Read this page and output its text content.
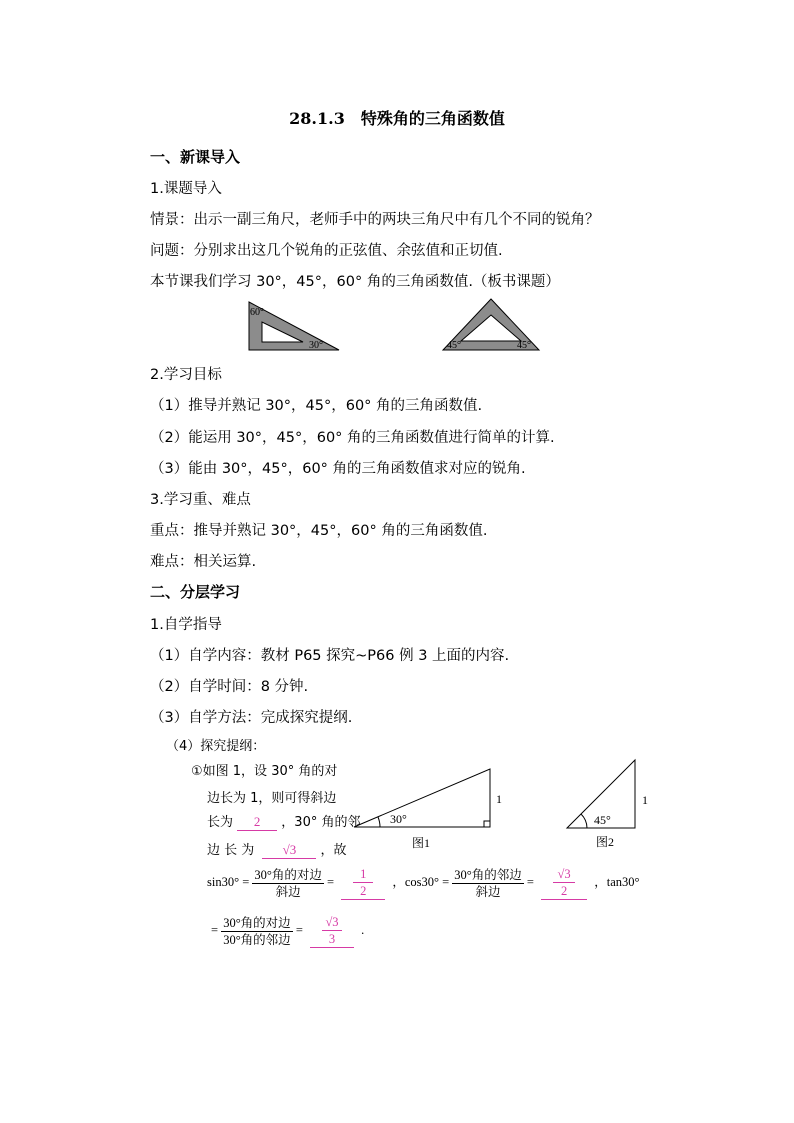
28.1.3　特殊角的三角函数值
一、新课导入
1.课题导入
情景：出示一副三角尺，老师手中的两块三角尺中有几个不同的锐角？
问题：分别求出这几个锐角的正弦值、余弦值和正切值.
本节课我们学习 30°，45°，60° 角的三角函数值.（板书课题）
60°
30°	45°	45°
2.学习目标
（1）推导并熟记 30°，45°，60° 角的三角函数值.
（2）能运用 30°，45°，60° 角的三角函数值进行简单的计算.
（3）能由 30°，45°，60° 角的三角函数值求对应的锐角.
3.学习重、难点
重点：推导并熟记 30°，45°，60° 角的三角函数值.
难点：相关运算.
二、分层学习
1.自学指导
（1）自学内容：教材 P65 探究~P66 例 3 上面的内容.
（2）自学时间：8 分钟.
（3）自学方法：完成探究提纲.
（4）探究提纲：
①如图 1，设 30° 角的对
边长为 1，则可得斜边
长为 2 ，30° 角的邻
边 长 为 √3 ，故
30°
1
图1
45°
1
图2
$\sin 30^\circ = \frac{\text{30°角的对边}}{\text{斜边}} = \frac{1}{2}$ ，$\cos 30^\circ = \frac{\text{30°角的邻边}}{\text{斜边}} = \frac{√3}{2}$ ，tan30°
= $\frac{\text{30°角的对边}}{\text{30°角的邻边}} = \frac{√3}{3}$ .
